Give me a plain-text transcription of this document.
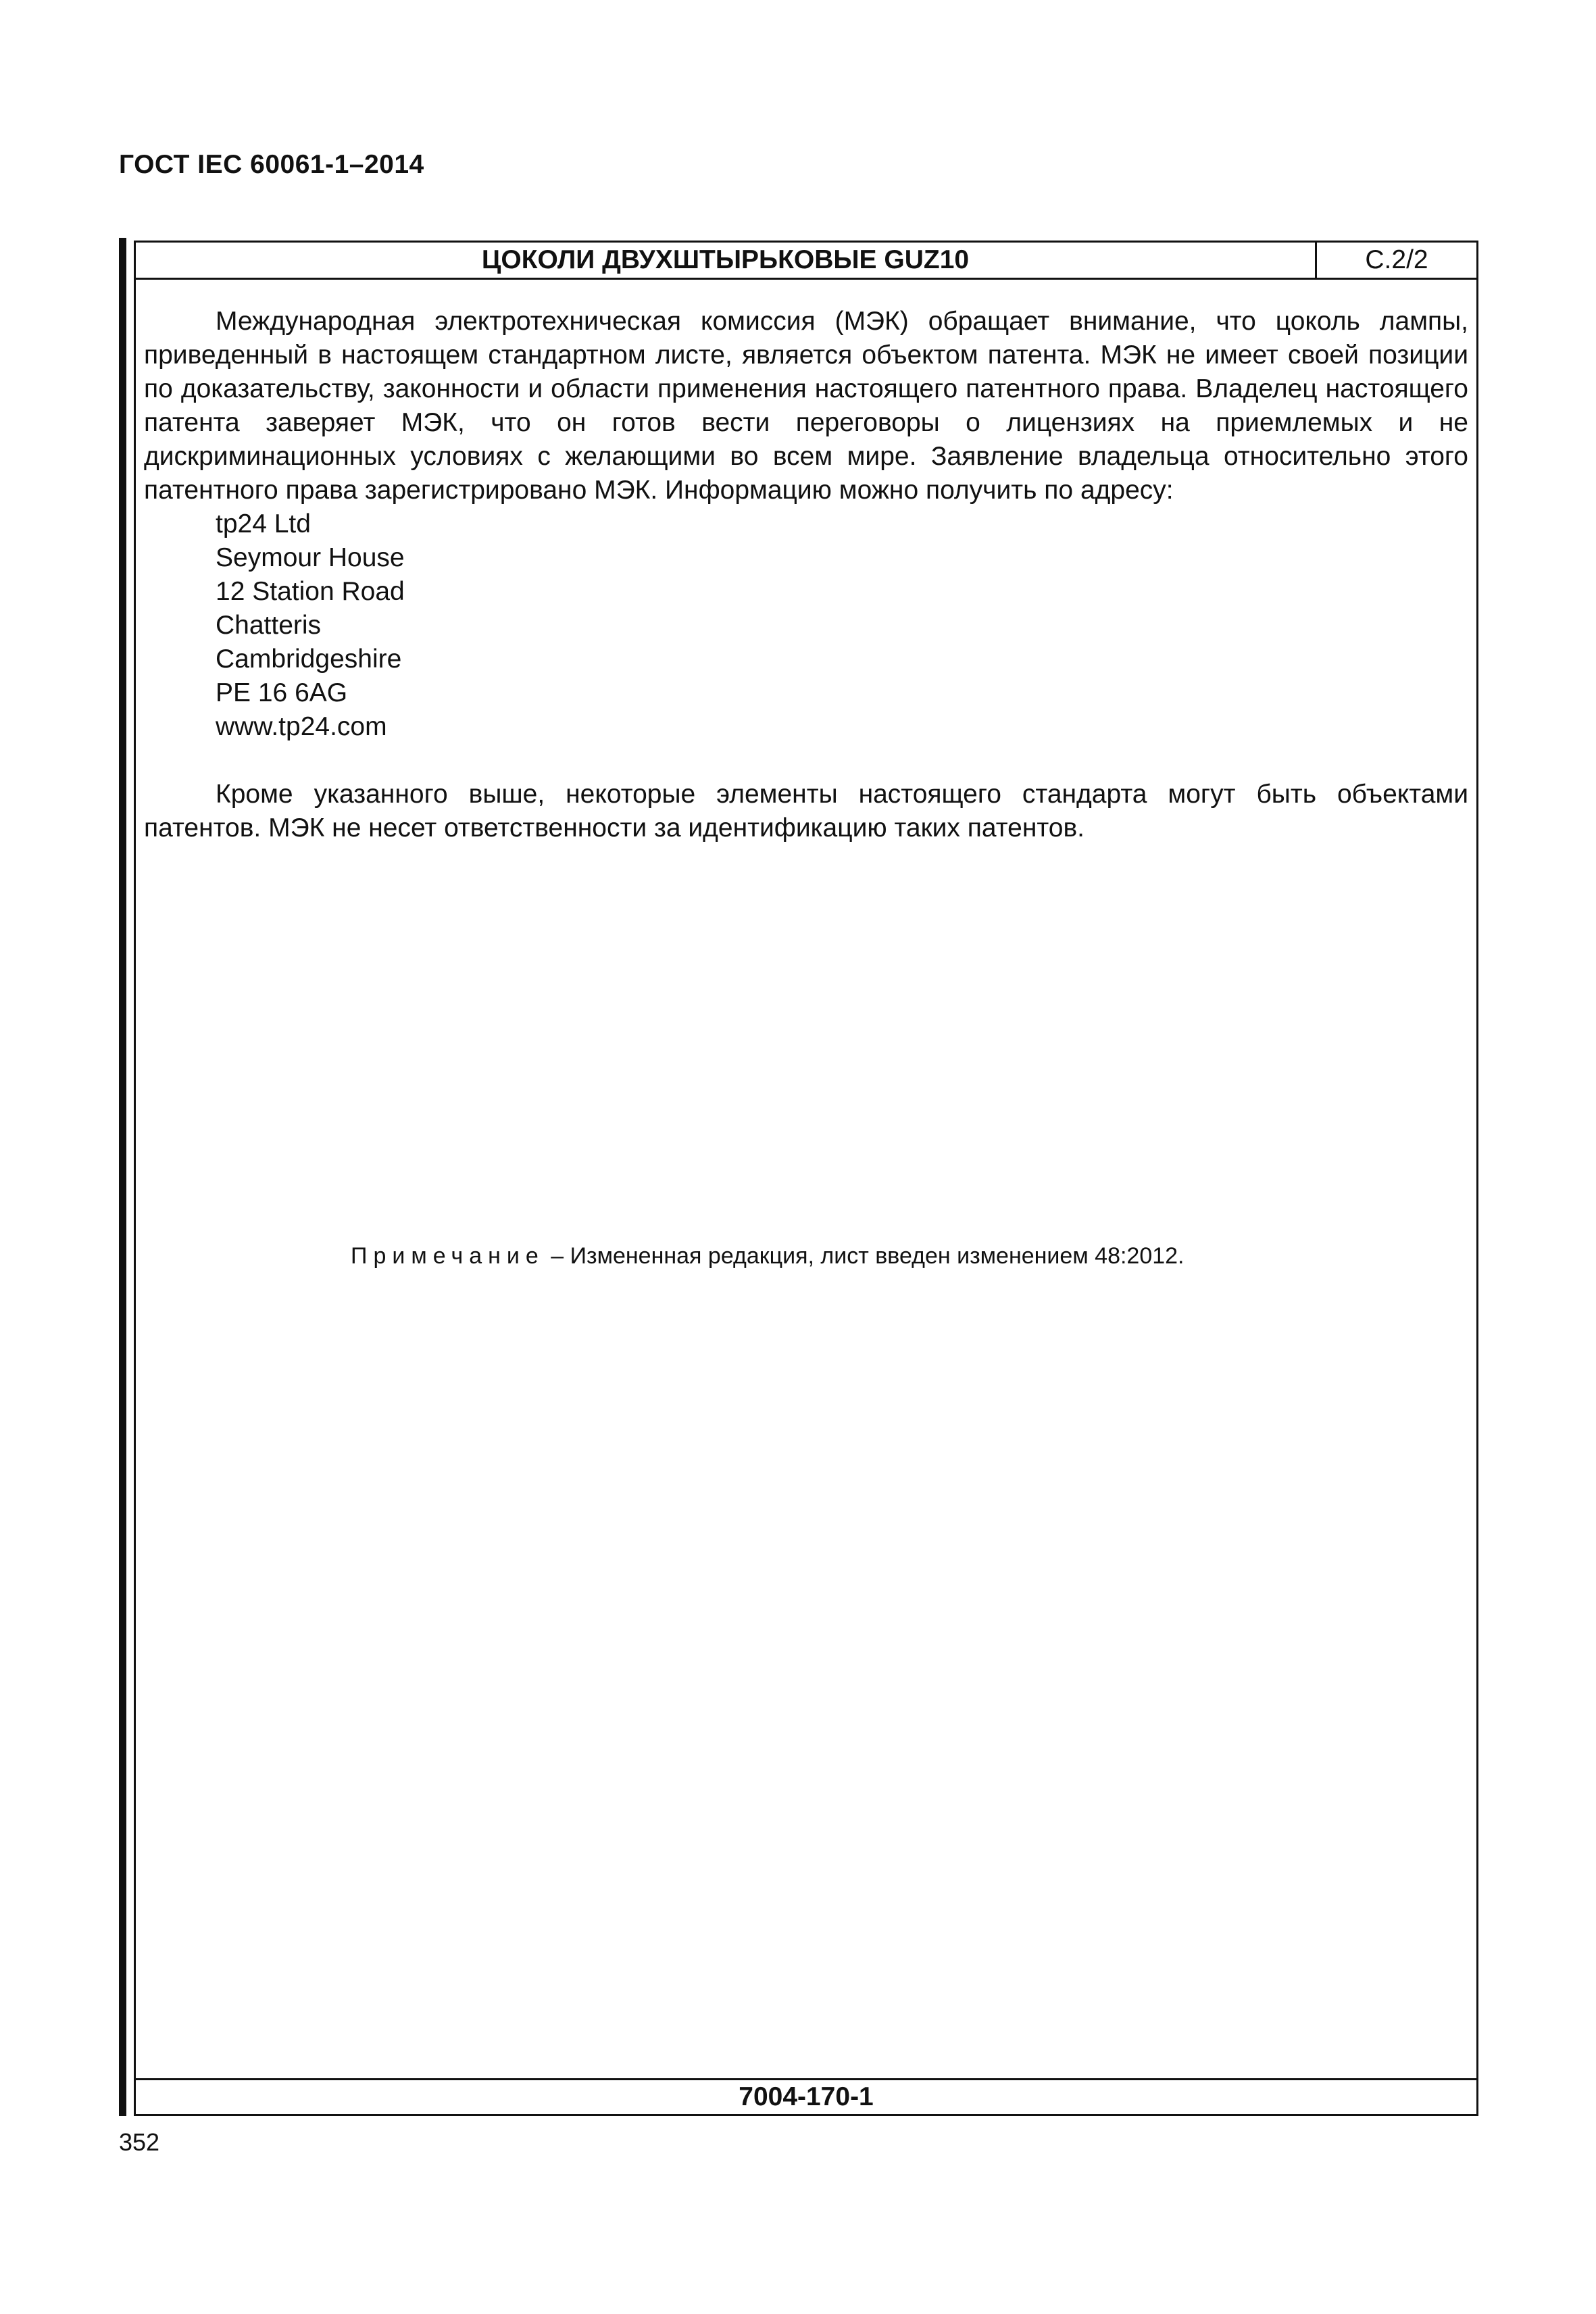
ГОСТ IEC 60061-1–2014
ЦОКОЛИ ДВУХШТЫРЬКОВЫЕ GUZ10	С.2/2

Международная электротехническая комиссия (МЭК) обращает внимание, что цоколь лампы, приведенный в настоящем стандартном листе, является объектом патента. МЭК не имеет своей позиции по доказательству, законности и области применения настоящего патентного права. Владелец настоящего патента заверяет МЭК, что он готов вести переговоры о лицензиях на приемлемых и не дискриминационных условиях с желающими во всем мире. Заявление владельца относительно этого патентного права зарегистрировано МЭК. Информацию можно получить по адресу:

tp24 Ltd
Seymour House
12 Station Road
Chatteris
Cambridgeshire
PE 16 6AG
www.tp24.com

Кроме указанного выше, некоторые элементы настоящего стандарта могут быть объектами патентов. МЭК не несет ответственности за идентификацию таких патентов.

Примечание – Измененная редакция, лист введен изменением 48:2012.
7004-170-1
352
